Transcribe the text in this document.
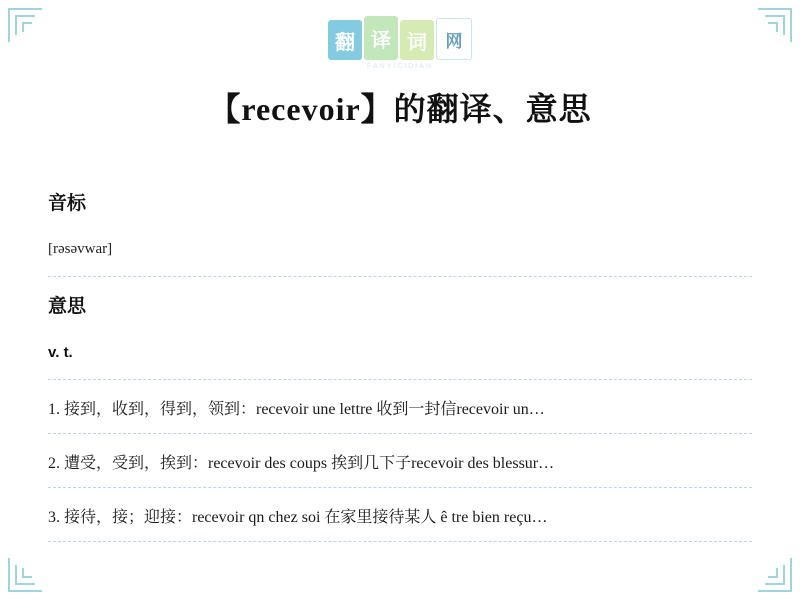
翻 译 词	网
FANYICIDIAN
【recevoir】的翻译、意思
音标
[rəsəvwar]
意思
v. t.
1. 接到，收到，得到，领到：recevoir une lettre 收到一封信recevoir un…
2. 遭受，受到，挨到：recevoir des coups 挨到几下子recevoir des blessur…
3. 接待，接；迎接：recevoir qn chez soi 在家里接待某人 ê tre bien reçu…
